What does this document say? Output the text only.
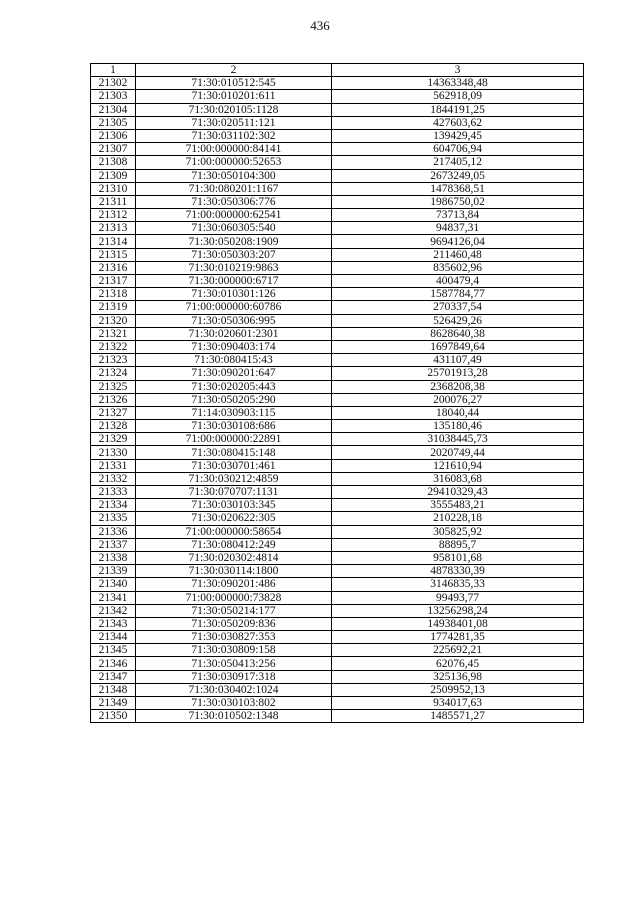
436
1	2	3
21302	71:30:010512:545	14363348,48
21303	71:30:010201:611	562918,09
21304	71:30:020105:1128	1844191,25
21305	71:30:020511:121	427603,62
21306	71:30:031102:302	139429,45
21307	71:00:000000:84141	604706,94
21308	71:00:000000:52653	217405,12
21309	71:30:050104:300	2673249,05
21310	71:30:080201:1167	1478368,51
21311	71:30:050306:776	1986750,02
21312	71:00:000000:62541	73713,84
21313	71:30:060305:540	94837,31
21314	71:30:050208:1909	9694126,04
21315	71:30:050303:207	211460,48
21316	71:30:010219:9863	835602,96
21317	71:30:000000:6717	400479,4
21318	71:30:010301:126	1587784,77
21319	71:00:000000:60786	270337,54
21320	71:30:050306:995	526429,26
21321	71:30:020601:2301	8628640,38
21322	71:30:090403:174	1697849,64
21323	71:30:080415:43	431107,49
21324	71:30:090201:647	25701913,28
21325	71:30:020205:443	2368208,38
21326	71:30:050205:290	200076,27
21327	71:14:030903:115	18040,44
21328	71:30:030108:686	135180,46
21329	71:00:000000:22891	31038445,73
21330	71:30:080415:148	2020749,44
21331	71:30:030701:461	121610,94
21332	71:30:030212:4859	316083,68
21333	71:30:070707:1131	29410329,43
21334	71:30:030103:345	3555483,21
21335	71:30:020622:305	210228,18
21336	71:00:000000:58654	305825,92
21337	71:30:080412:249	88895,7
21338	71:30:020302:4814	958101,68
21339	71:30:030114:1800	4878330,39
21340	71:30:090201:486	3146835,33
21341	71:00:000000:73828	99493,77
21342	71:30:050214:177	13256298,24
21343	71:30:050209:836	14938401,08
21344	71:30:030827:353	1774281,35
21345	71:30:030809:158	225692,21
21346	71:30:050413:256	62076,45
21347	71:30:030917:318	325136,98
21348	71:30:030402:1024	2509952,13
21349	71:30:030103:802	934017,63
21350	71:30:010502:1348	1485571,27
